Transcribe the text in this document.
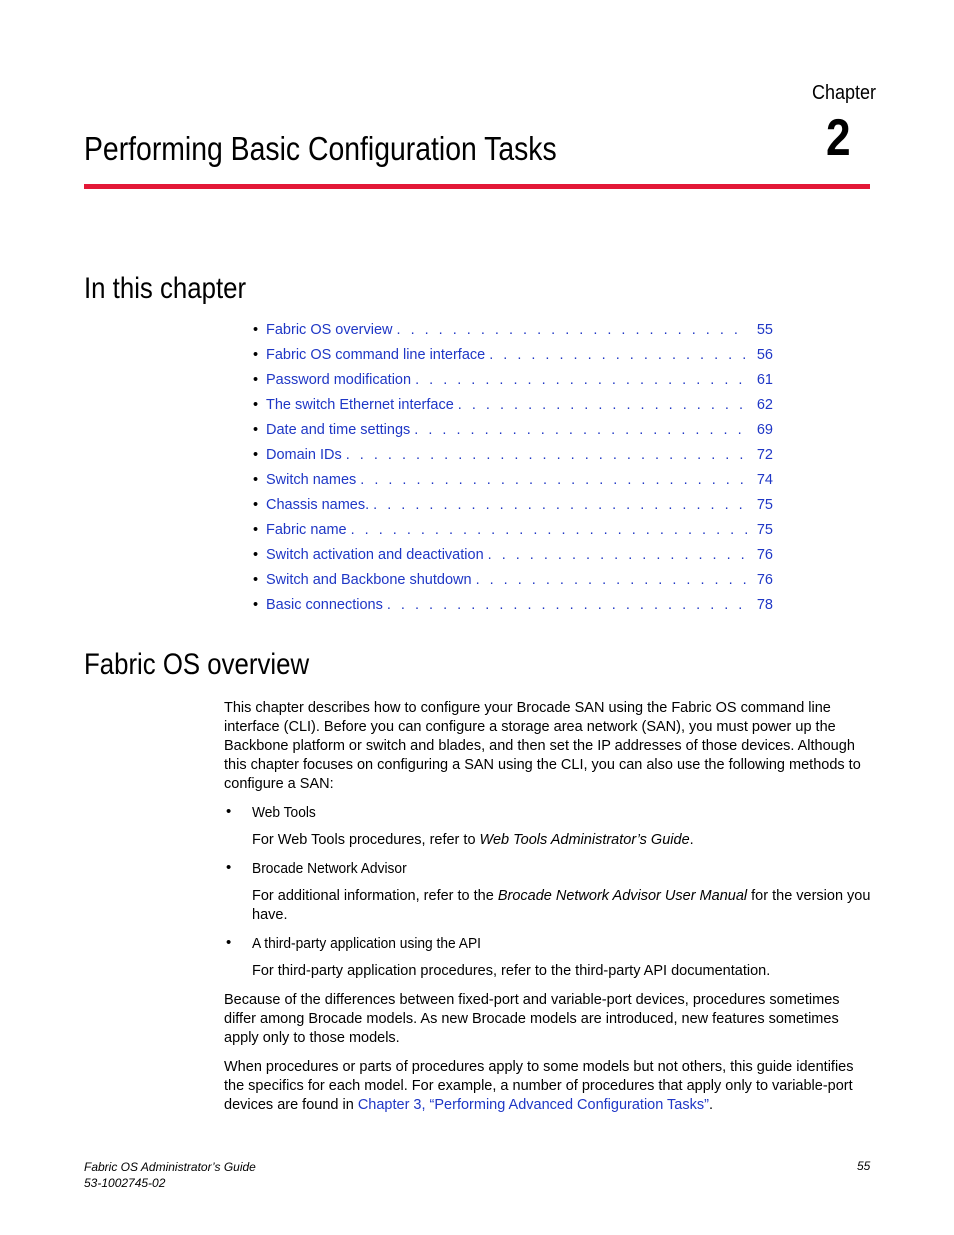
Chapter
2
Performing Basic Configuration Tasks
In this chapter
• Fabric OS overview . . .	55
• Fabric OS command line interface . . .	56
• Password modification . . .	61
• The switch Ethernet interface . . .	62
• Date and time settings . . .	69
• Domain IDs . . .	72
• Switch names . . .	74
• Chassis names. . . .	75
• Fabric name . . .	75
• Switch activation and deactivation . . .	76
• Switch and Backbone shutdown . . .	76
• Basic connections . . .	78
Fabric OS overview

This chapter describes how to configure your Brocade SAN using the Fabric OS command line interface (CLI). Before you can configure a storage area network (SAN), you must power up the Backbone platform or switch and blades, and then set the IP addresses of those devices. Although this chapter focuses on configuring a SAN using the CLI, you can also use the following methods to configure a SAN:

• Web Tools
For Web Tools procedures, refer to Web Tools Administrator’s Guide.
• Brocade Network Advisor
For additional information, refer to the Brocade Network Advisor User Manual for the version you have.
• A third-party application using the API
For third-party application procedures, refer to the third-party API documentation.

Because of the differences between fixed-port and variable-port devices, procedures sometimes differ among Brocade models. As new Brocade models are introduced, new features sometimes apply only to those models.

When procedures or parts of procedures apply to some models but not others, this guide identifies the specifics for each model. For example, a number of procedures that apply only to variable-port devices are found in Chapter 3, “Performing Advanced Configuration Tasks”.

Fabric OS Administrator’s Guide
53-1002745-02
55
